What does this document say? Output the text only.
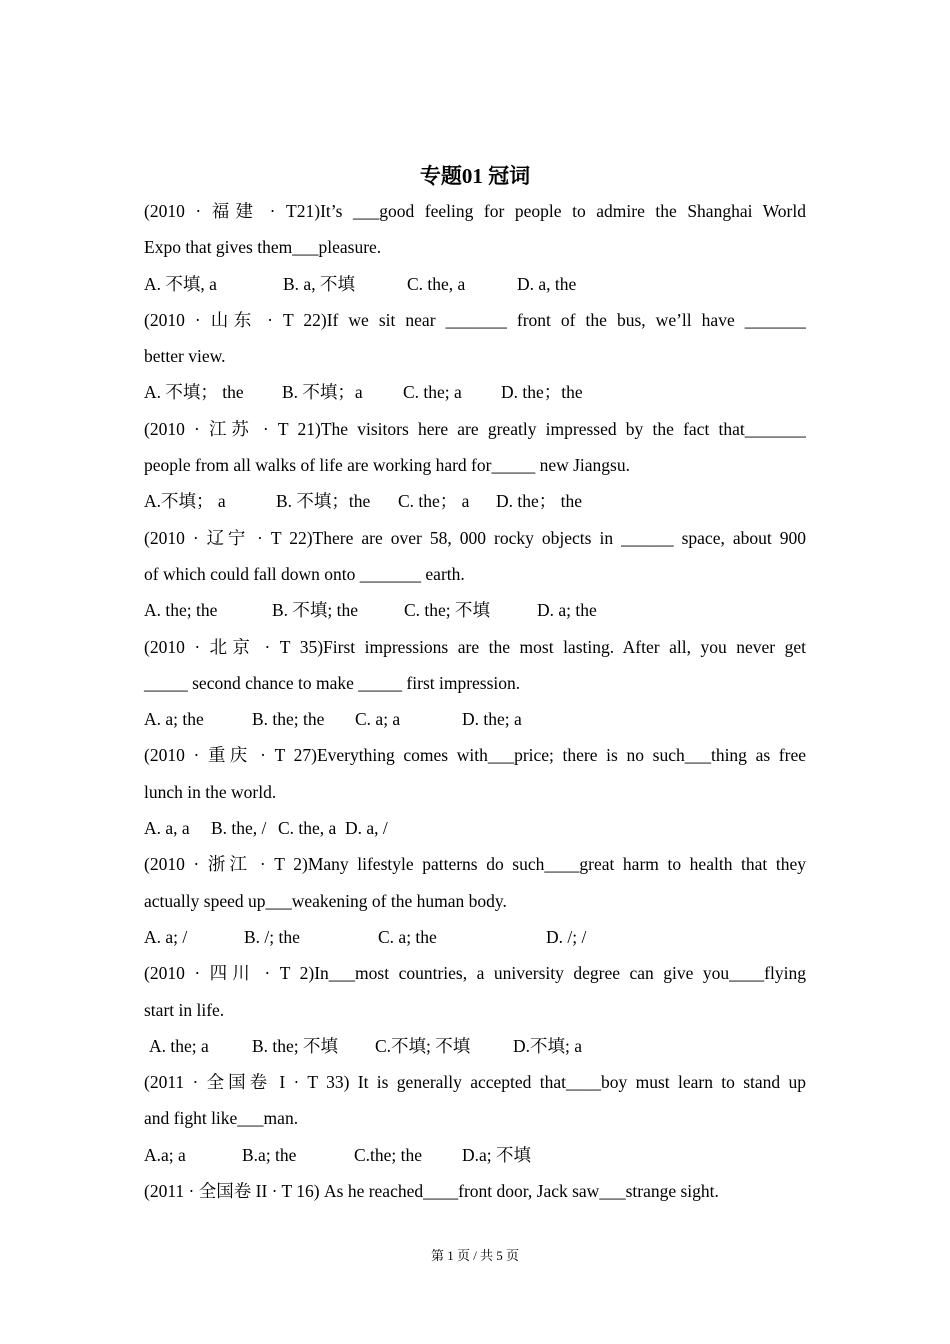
专题01 冠词
(2010 · 福建 · T21)It’s ___good feeling for people to admire the Shanghai World
Expo that gives them___pleasure.
A. 不填, a	B. a, 不填	C. the, a	D. a, the
(2010 · 山东 · T 22)If we sit near _______ front of the bus, we’ll have _______
better view.
A. 不填； the B. 不填；a C. the; a D. the；the
(2010 · 江苏 · T 21)The visitors here are greatly impressed by the fact that_______
people from all walks of life are working hard for_____ new Jiangsu.
A.不填； a	B. 不填；the C. the； a D. the； the
(2010 · 辽宁 · T 22)There are over 58, 000 rocky objects in ______ space, about 900
of which could fall down onto _______ earth.
A. the; the	B. 不填; the	C. the; 不填	D. a; the
(2010 · 北京 · T 35)First impressions are the most lasting. After all, you never get
_____ second chance to make _____ first impression.
A. a; the	B. the; the C. a; a	D. the; a
(2010 · 重庆 · T 27)Everything comes with___price; there is no such___thing as free
lunch in the world.
A. a, a B. the, / C. the, a D. a, /
(2010 · 浙江 · T 2)Many lifestyle patterns do such____great harm to health that they
actually speed up___weakening of the human body.
A. a; /	B. /; the	C. a; the	D. /; /
(2010 · 四川 · T 2)In___most countries, a university degree can give you____flying
start in life.
A. the; a B. the; 不填 C.不填; 不填 D.不填; a
(2011 · 全国卷 I · T 33) It is generally accepted that____boy must learn to stand up
and fight like___man.
A.a; a	B.a; the	C.the; the D.a; 不填
(2011 · 全国卷 II · T 16) As he reached____front door, Jack saw___strange sight.
第 1 页 / 共 5 页
